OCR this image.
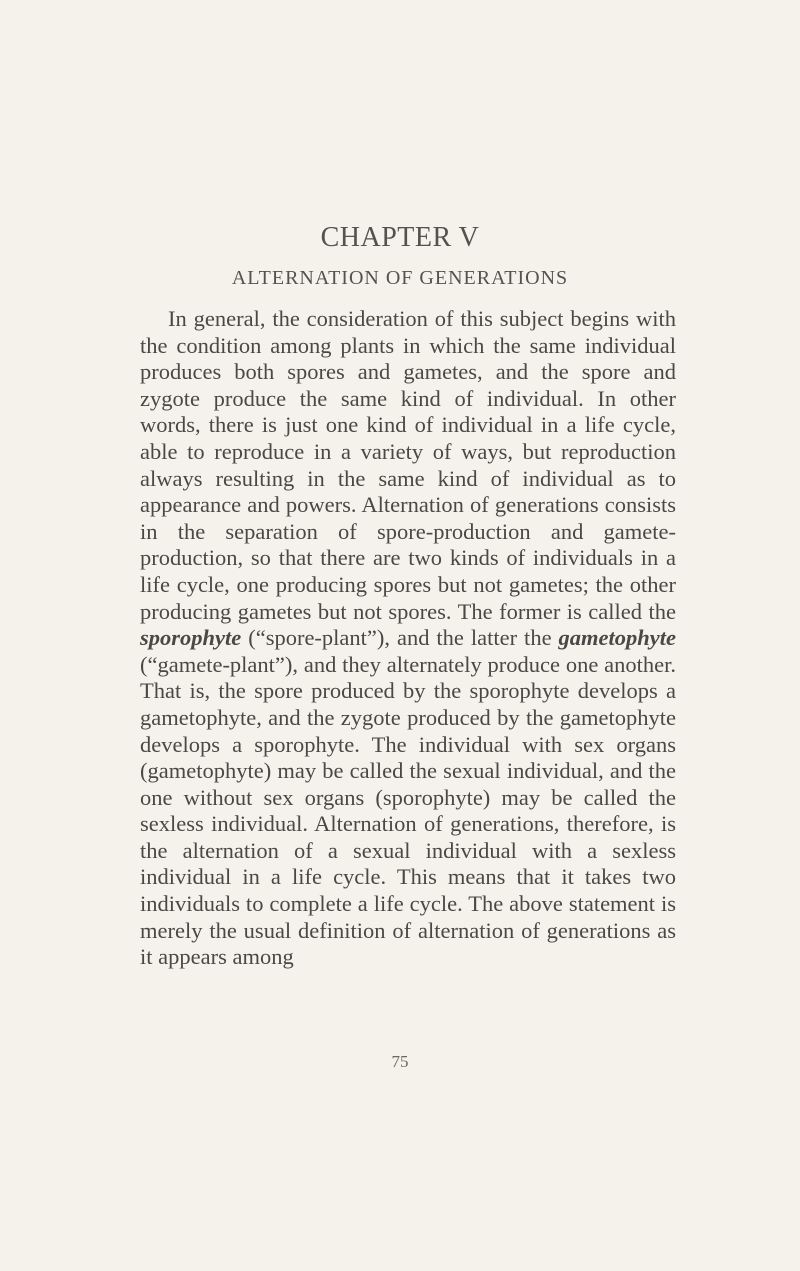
CHAPTER V
ALTERNATION OF GENERATIONS

In general, the consideration of this subject begins with the condition among plants in which the same individual produces both spores and gametes, and the spore and zygote produce the same kind of individual. In other words, there is just one kind of individual in a life cycle, able to reproduce in a variety of ways, but reproduction always resulting in the same kind of individual as to appearance and powers. Alternation of generations consists in the separation of spore-production and gamete-production, so that there are two kinds of individuals in a life cycle, one producing spores but not gametes; the other producing gametes but not spores. The former is called the sporophyte (“spore-plant”), and the latter the gametophyte (“gamete-plant”), and they alternately produce one another. That is, the spore produced by the sporophyte develops a gametophyte, and the zygote produced by the gametophyte develops a sporophyte. The individual with sex organs (gametophyte) may be called the sexual individual, and the one without sex organs (sporophyte) may be called the sexless individual. Alternation of generations, therefore, is the alternation of a sexual individual with a sexless individual in a life cycle. This means that it takes two individuals to complete a life cycle. The above statement is merely the usual definition of alternation of generations as it appears among

75
